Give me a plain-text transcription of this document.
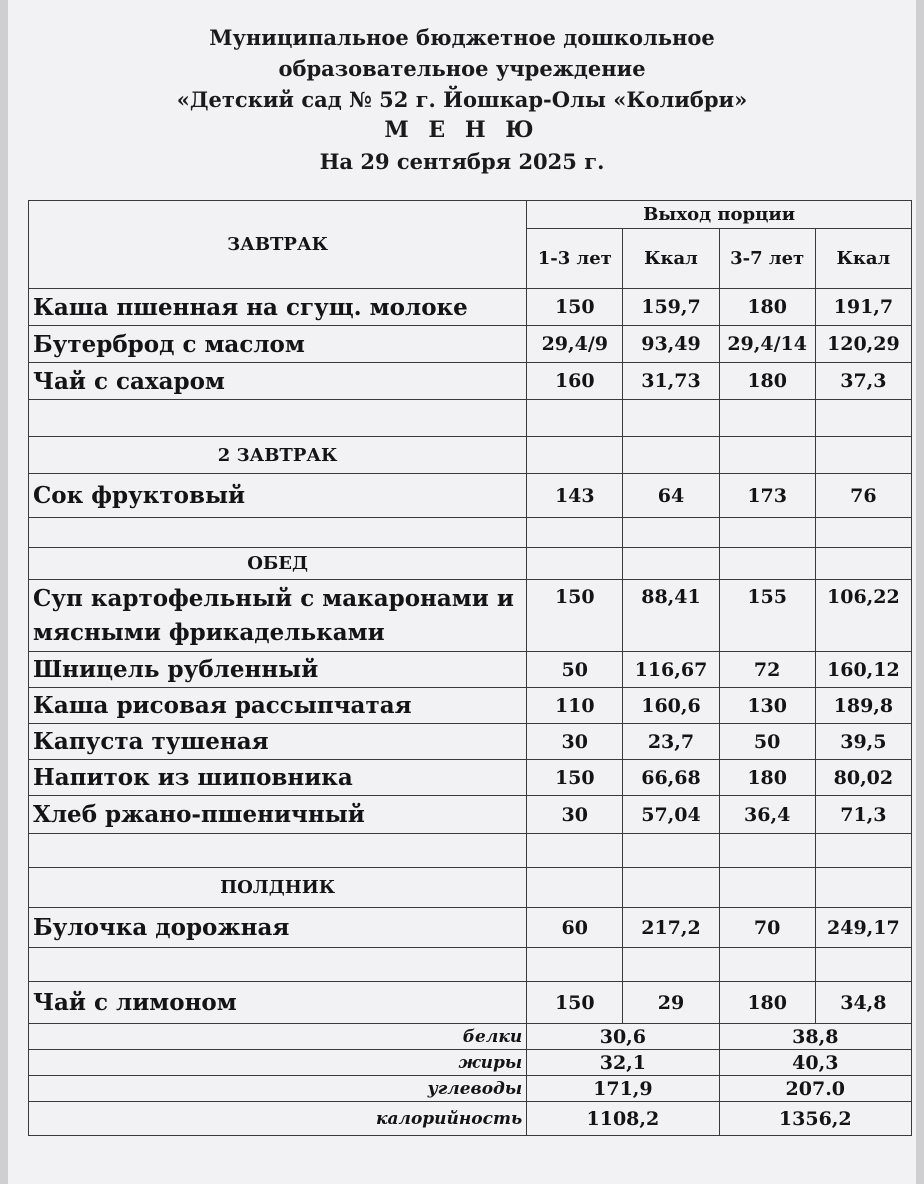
Муниципальное бюджетное дошкольное
образовательное учреждение
«Детский сад № 52 г. Йошкар-Олы «Колибри»
М Е Н Ю
На 29 сентября 2025 г.
ЗАВТРАК	Выход порции			
	1-3 лет	Ккал	3-7 лет	Ккал
Каша пшенная на сгущ. молоке	150	159,7	180	191,7
Бутерброд с маслом	29,4/9	93,49	29,4/14	120,29
Чай с сахаром	160	31,73	180	37,3

2 ЗАВТРАК				
Сок фруктовый	143	64	173	76

ОБЕД				
Суп картофельный с макаронами и мясными фрикадельками	150	88,41	155	106,22
Шницель рубленный	50	116,67	72	160,12
Каша рисовая рассыпчатая	110	160,6	130	189,8
Капуста тушеная	30	23,7	50	39,5
Напиток из шиповника	150	66,68	180	80,02
Хлеб ржано-пшеничный	30	57,04	36,4	71,3

ПОЛДНИК				
Булочка дорожная	60	217,2	70	249,17

Чай с лимоном	150	29	180	34,8
белки	30,6		38,8	
жиры	32,1		40,3	
углеводы	171,9		207.0	
калорийность	1108,2		1356,2	
